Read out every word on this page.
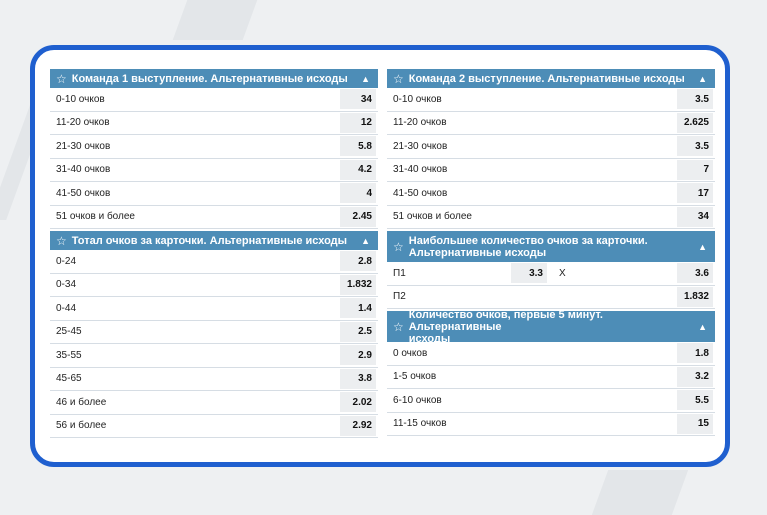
☆ Команда 1 выступление. Альтернативные исходы	▲
0-10 очков	34
11-20 очков	12
21-30 очков	5.8
31-40 очков	4.2
41-50 очков	4
51 очков и более	2.45
☆ Тотал очков за карточки. Альтернативные исходы	▲
0-24	2.8
0-34	1.832
0-44	1.4
25-45	2.5
35-55	2.9
45-65	3.8
46 и более	2.02
56 и более	2.92
☆ Команда 2 выступление. Альтернативные исходы	▲
0-10 очков	3.5
11-20 очков	2.625
21-30 очков	3.5
31-40 очков	7
41-50 очков	17
51 очков и более	34
☆ Наибольшее количество очков за карточки.
Альтернативные исходы	▲
П1	3.3	X	3.6
П2	1.832
☆
Количество очков, первые 5 минут. Альтернативные
исходы
▲
0 очков	1.8
1-5 очков	3.2
6-10 очков	5.5
11-15 очков	15
